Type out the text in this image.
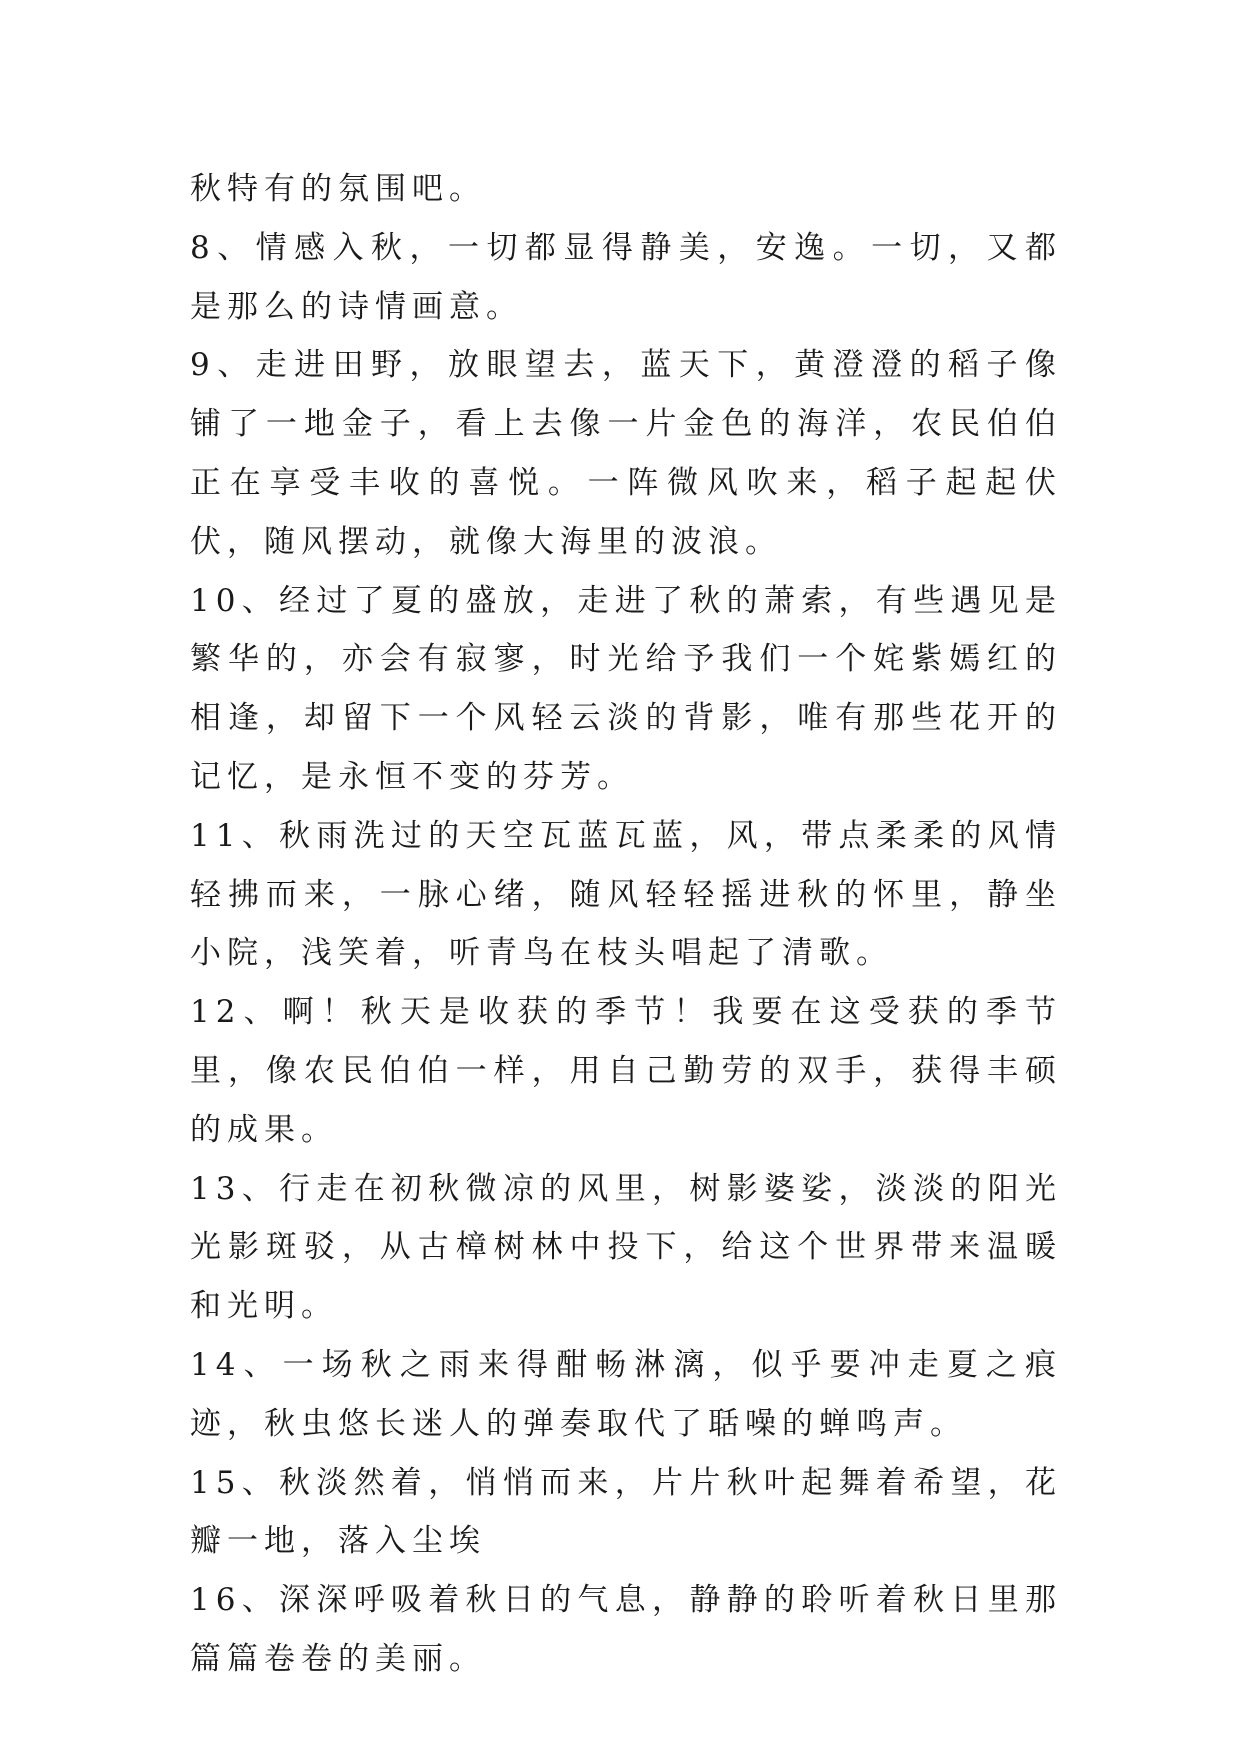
秋特有的氛围吧。

8、情感入秋，一切都显得静美，安逸。一切，又都是那么的诗情画意。

9、走进田野，放眼望去，蓝天下，黄澄澄的稻子像铺了一地金子，看上去像一片金色的海洋，农民伯伯正在享受丰收的喜悦。一阵微风吹来，稻子起起伏伏，随风摆动，就像大海里的波浪。

10、经过了夏的盛放，走进了秋的萧索，有些遇见是繁华的，亦会有寂寥，时光给予我们一个姹紫嫣红的相逢，却留下一个风轻云淡的背影，唯有那些花开的记忆，是永恒不变的芬芳。

11、秋雨洗过的天空瓦蓝瓦蓝，风，带点柔柔的风情轻拂而来，一脉心绪，随风轻轻摇进秋的怀里，静坐小院，浅笑着，听青鸟在枝头唱起了清歌。

12、啊！秋天是收获的季节！我要在这受获的季节里，像农民伯伯一样，用自己勤劳的双手，获得丰硕的成果。

13、行走在初秋微凉的风里，树影婆娑，淡淡的阳光光影斑驳，从古樟树林中投下，给这个世界带来温暖和光明。

14、一场秋之雨来得酣畅淋漓，似乎要冲走夏之痕迹，秋虫悠长迷人的弹奏取代了聒噪的蝉鸣声。

15、秋淡然着，悄悄而来，片片秋叶起舞着希望，花瓣一地，落入尘埃

16、深深呼吸着秋日的气息，静静的聆听着秋日里那篇篇卷卷的美丽。
